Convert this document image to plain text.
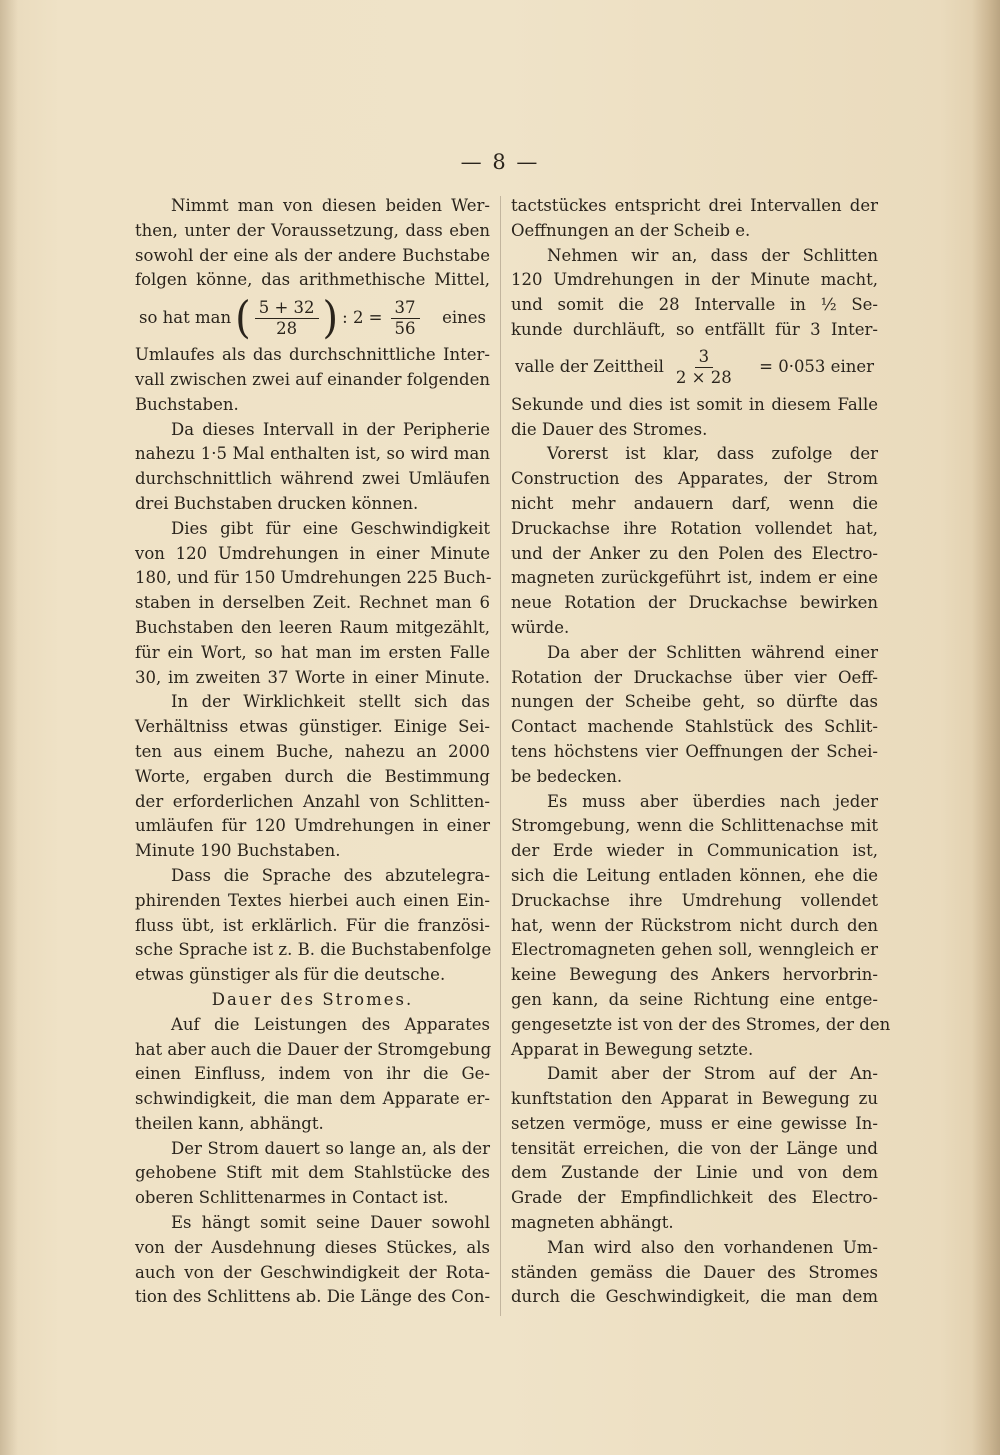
— 8 —
Nimmt man von diesen beiden Wer-
then, unter der Voraussetzung, dass eben
sowohl der eine als der andere Buchstabe
folgen könne, das arithmethische Mittel,
so hat man ( $\frac{5 + 32}{28}$ ) : $2 = \frac{37}{56}$ eines
Umlaufes als das durchschnittliche Inter-
vall zwischen zwei auf einander folgenden
Buchstaben.
Da dieses Intervall in der Peripherie
nahezu 1·5 Mal enthalten ist, so wird man
durchschnittlich während zwei Umläufen
drei Buchstaben drucken können.
Dies gibt für eine Geschwindigkeit
von 120 Umdrehungen in einer Minute
180, und für 150 Umdrehungen 225 Buch-
staben in derselben Zeit. Rechnet man 6
Buchstaben den leeren Raum mitgezählt,
für ein Wort, so hat man im ersten Falle
30, im zweiten 37 Worte in einer Minute.
In der Wirklichkeit stellt sich das
Verhältniss etwas günstiger. Einige Sei-
ten aus einem Buche, nahezu an 2000
Worte, ergaben durch die Bestimmung
der erforderlichen Anzahl von Schlitten-
umläufen für 120 Umdrehungen in einer
Minute 190 Buchstaben.
Dass die Sprache des abzutelegra-
phirenden Textes hierbei auch einen Ein-
fluss übt, ist erklärlich. Für die französi-
sche Sprache ist z. B. die Buchstabenfolge
etwas günstiger als für die deutsche.
Dauer des Stromes.
Auf die Leistungen des Apparates
hat aber auch die Dauer der Stromgebung
einen Einfluss, indem von ihr die Ge-
schwindigkeit, die man dem Apparate er-
theilen kann, abhängt.
Der Strom dauert so lange an, als der
gehobene Stift mit dem Stahlstücke des
oberen Schlittenarmes in Contact ist.
Es hängt somit seine Dauer sowohl
von der Ausdehnung dieses Stückes, als
auch von der Geschwindigkeit der Rota-
tion des Schlittens ab. Die Länge des Con-
tactstückes entspricht drei Intervallen der
Oeffnungen an der Scheib e.
Nehmen wir an, dass der Schlitten
120 Umdrehungen in der Minute macht,
und somit die 28 Intervalle in ½ Se-
kunde durchläuft, so entfällt für 3 Inter-
valle der Zeittheil $\frac{3}{2 \times 28} = 0\cdot 053$ einer
Sekunde und dies ist somit in diesem Falle
die Dauer des Stromes.
Vorerst ist klar, dass zufolge der
Construction des Apparates, der Strom
nicht mehr andauern darf, wenn die
Druckachse ihre Rotation vollendet hat,
und der Anker zu den Polen des Electro-
magneten zurückgeführt ist, indem er eine
neue Rotation der Druckachse bewirken
würde.
Da aber der Schlitten während einer
Rotation der Druckachse über vier Oeff-
nungen der Scheibe geht, so dürfte das
Contact machende Stahlstück des Schlit-
tens höchstens vier Oeffnungen der Schei-
be bedecken.
Es muss aber überdies nach jeder
Stromgebung, wenn die Schlittenachse mit
der Erde wieder in Communication ist,
sich die Leitung entladen können, ehe die
Druckachse ihre Umdrehung vollendet
hat, wenn der Rückstrom nicht durch den
Electromagneten gehen soll, wenngleich er
keine Bewegung des Ankers hervorbrin-
gen kann, da seine Richtung eine entge-
gengesetzte ist von der des Stromes, der den
Apparat in Bewegung setzte.
Damit aber der Strom auf der An-
kunftstation den Apparat in Bewegung zu
setzen vermöge, muss er eine gewisse In-
tensität erreichen, die von der Länge und
dem Zustande der Linie und von dem
Grade der Empfindlichkeit des Electro-
magneten abhängt.
Man wird also den vorhandenen Um-
ständen gemäss die Dauer des Stromes
durch die Geschwindigkeit, die man dem
